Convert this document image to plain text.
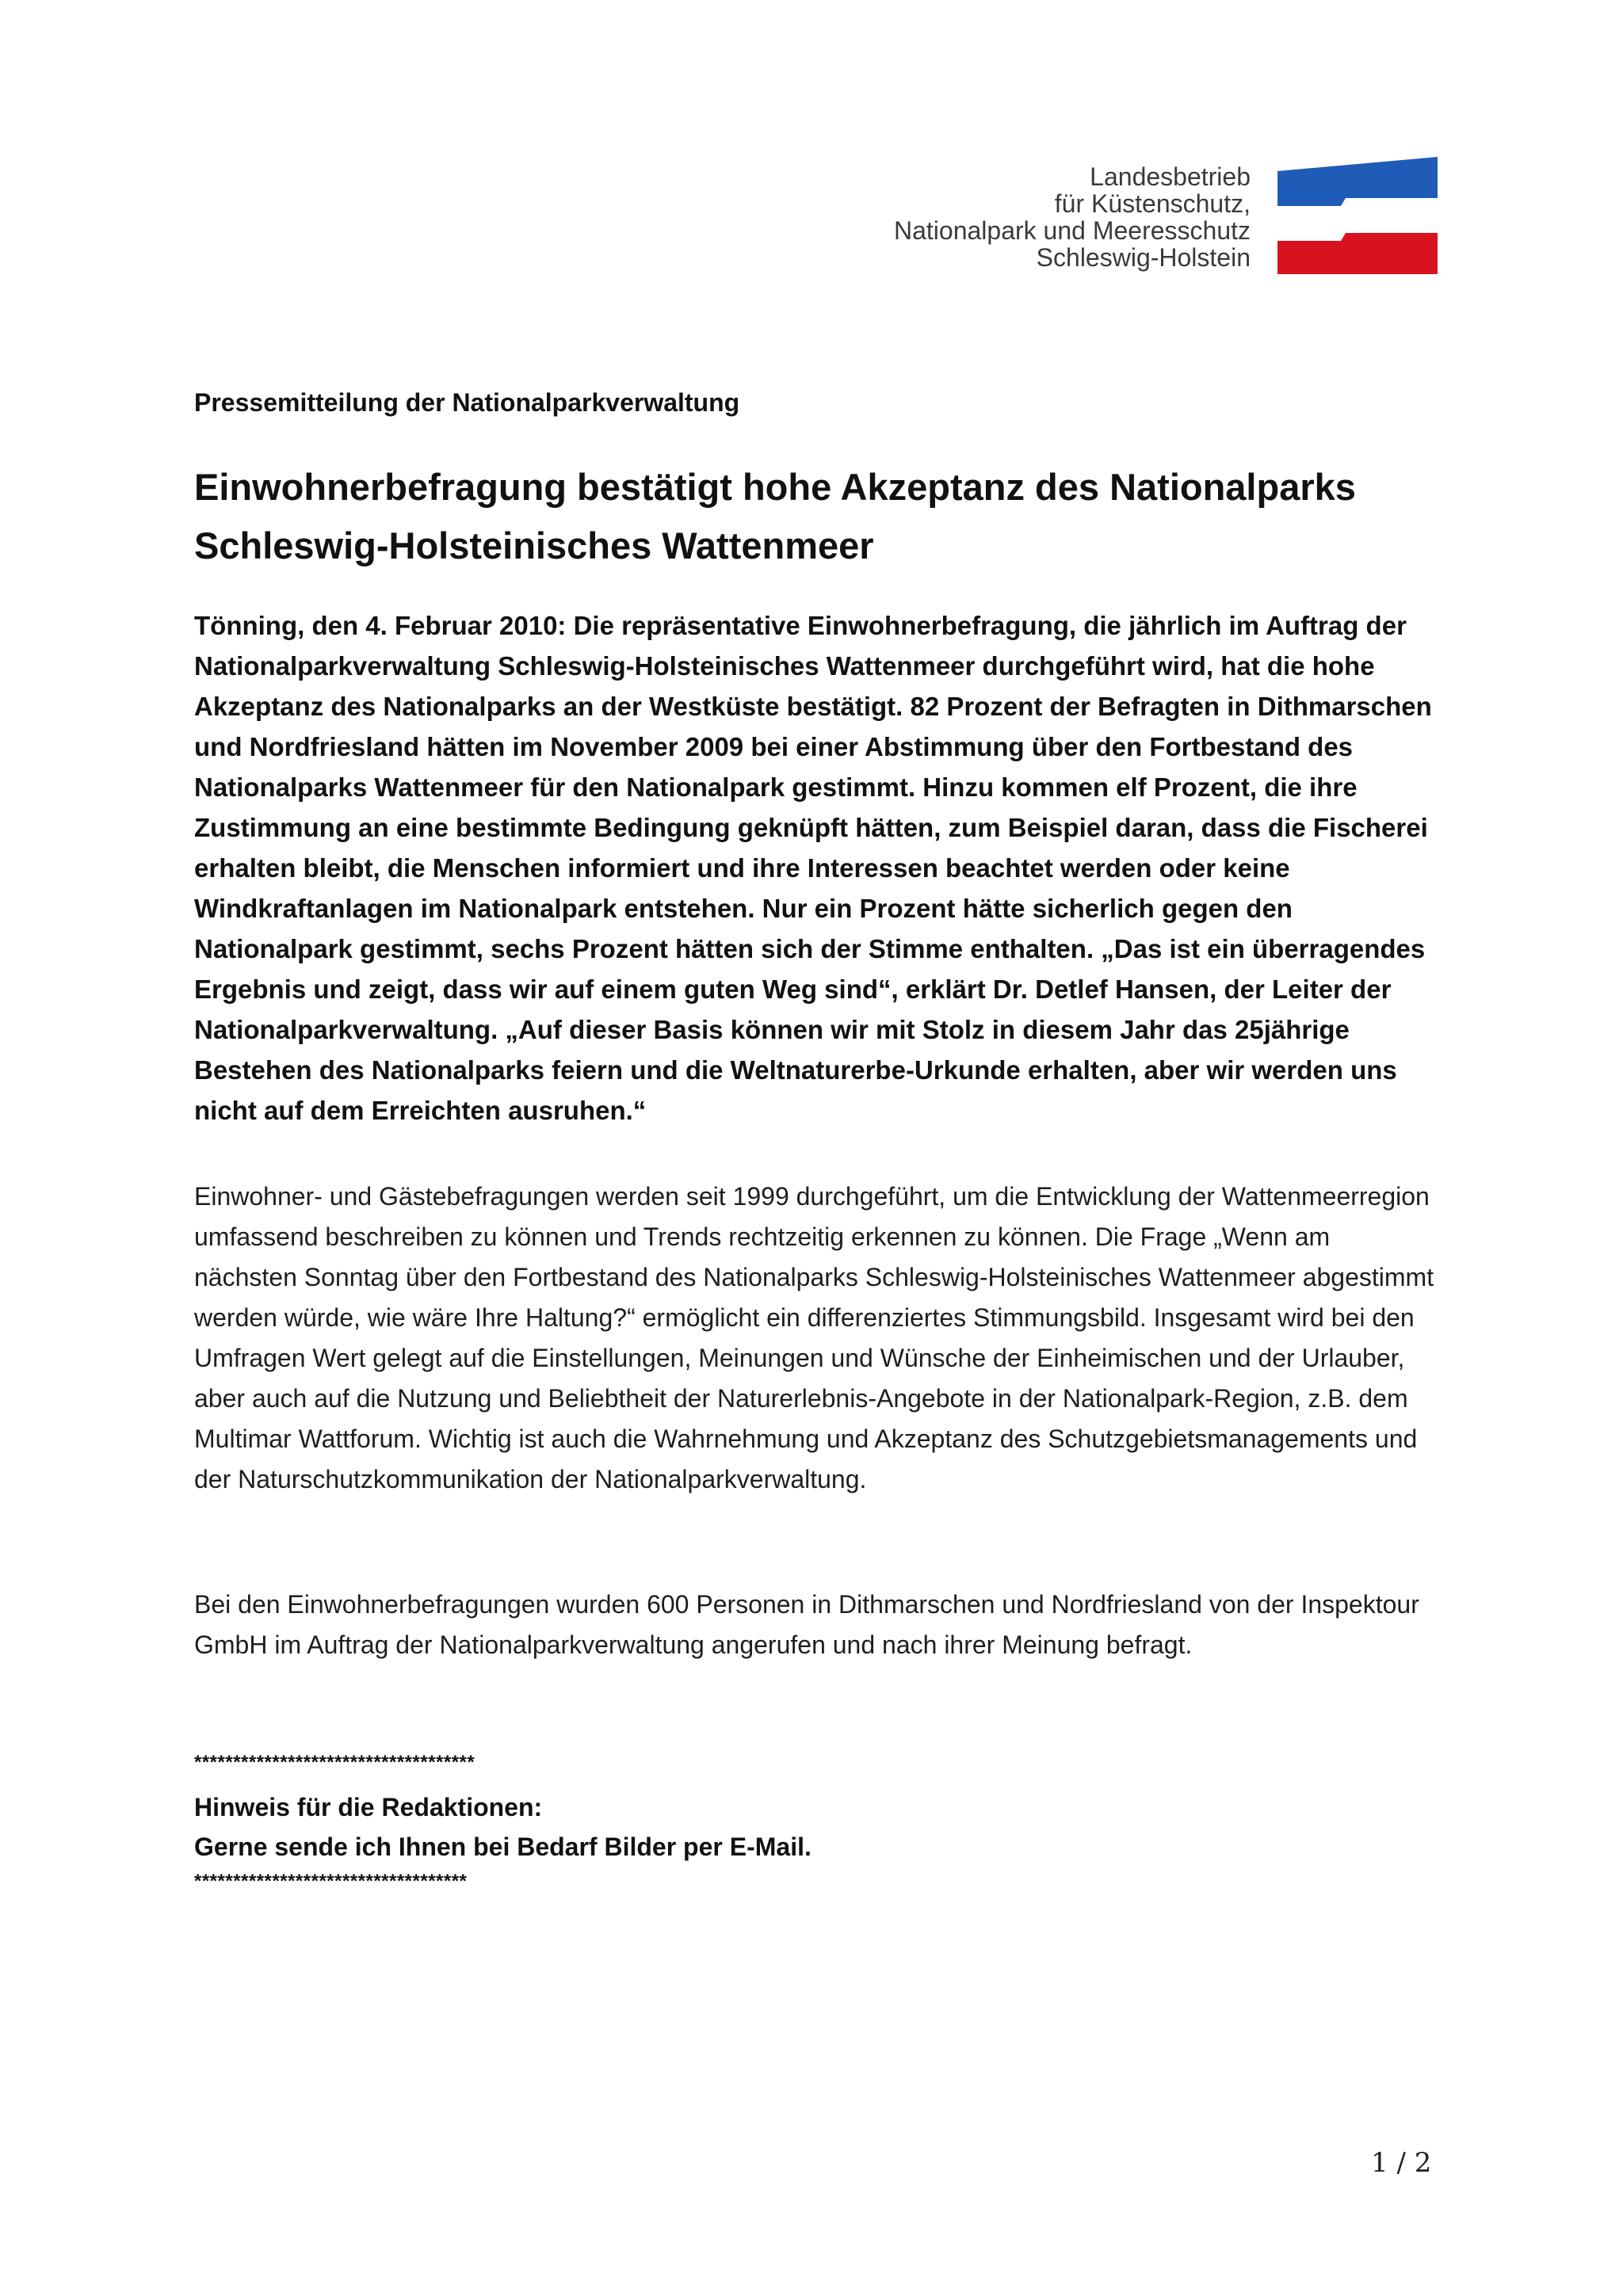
Landesbetrieb
für Küstenschutz,
Nationalpark und Meeresschutz
Schleswig-Holstein

Pressemitteilung der Nationalparkverwaltung

Einwohnerbefragung bestätigt hohe Akzeptanz des Nationalparks Schleswig-Holsteinisches Wattenmeer

Tönning, den 4. Februar 2010: Die repräsentative Einwohnerbefragung, die jährlich im Auftrag der Nationalparkverwaltung Schleswig-Holsteinisches Wattenmeer durchgeführt wird, hat die hohe Akzeptanz des Nationalparks an der Westküste bestätigt. 82 Prozent der Befragten in Dithmarschen und Nordfriesland hätten im November 2009 bei einer Abstimmung über den Fortbestand des Nationalparks Wattenmeer für den Nationalpark gestimmt. Hinzu kommen elf Prozent, die ihre Zustimmung an eine bestimmte Bedingung geknüpft hätten, zum Beispiel daran, dass die Fischerei erhalten bleibt, die Menschen informiert und ihre Interessen beachtet werden oder keine Windkraftanlagen im Nationalpark entstehen. Nur ein Prozent hätte sicherlich gegen den Nationalpark gestimmt, sechs Prozent hätten sich der Stimme enthalten. „Das ist ein überragendes Ergebnis und zeigt, dass wir auf einem guten Weg sind“, erklärt Dr. Detlef Hansen, der Leiter der Nationalparkverwaltung. „Auf dieser Basis können wir mit Stolz in diesem Jahr das 25jährige Bestehen des Nationalparks feiern und die Weltnaturerbe-Urkunde erhalten, aber wir werden uns nicht auf dem Erreichten ausruhen.“

Einwohner- und Gästebefragungen werden seit 1999 durchgeführt, um die Entwicklung der Wattenmeerregion umfassend beschreiben zu können und Trends rechtzeitig erkennen zu können. Die Frage „Wenn am nächsten Sonntag über den Fortbestand des Nationalparks Schleswig-Holsteinisches Wattenmeer abgestimmt werden würde, wie wäre Ihre Haltung?“ ermöglicht ein differenziertes Stimmungsbild. Insgesamt wird bei den Umfragen Wert gelegt auf die Einstellungen, Meinungen und Wünsche der Einheimischen und der Urlauber, aber auch auf die Nutzung und Beliebtheit der Naturerlebnis-Angebote in der Nationalpark-Region, z.B. dem Multimar Wattforum. Wichtig ist auch die Wahrnehmung und Akzeptanz des Schutzgebietsmanagements und der Naturschutzkommunikation der Nationalparkverwaltung.

Bei den Einwohnerbefragungen wurden 600 Personen in Dithmarschen und Nordfriesland von der Inspektour GmbH im Auftrag der Nationalparkverwaltung angerufen und nach ihrer Meinung befragt.

************************************

Hinweis für die Redaktionen:

Gerne sende ich Ihnen bei Bedarf Bilder per E-Mail.

***********************************

1 / 2
